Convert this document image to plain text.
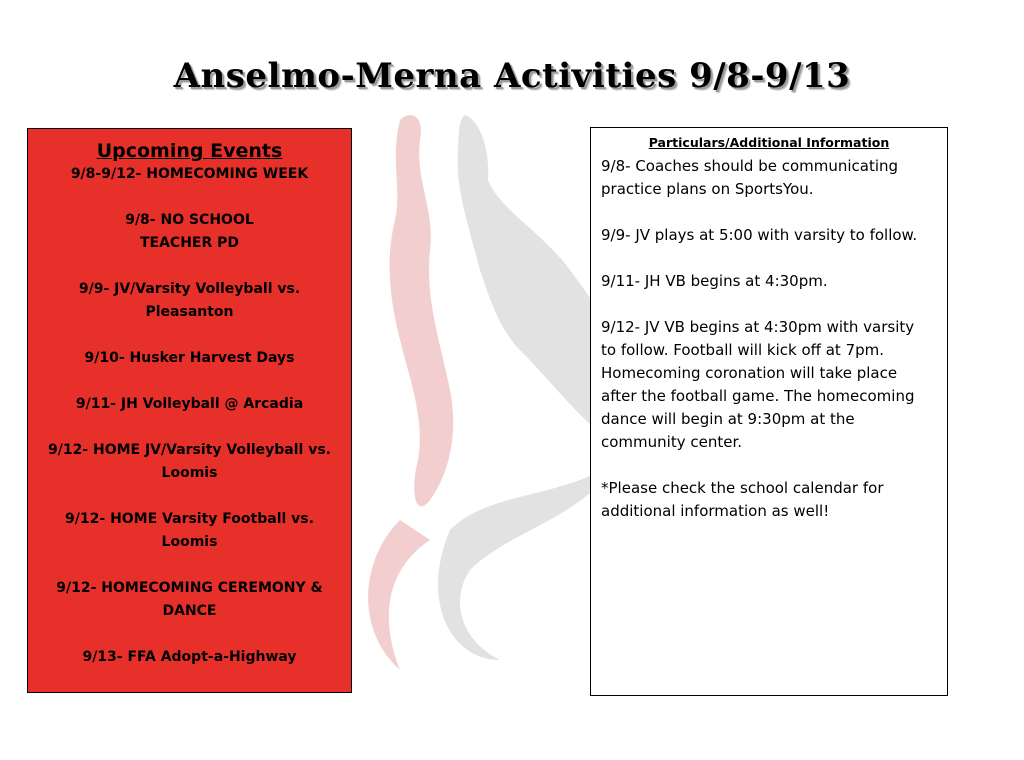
Anselmo-Merna Activities 9/8-9/13
Upcoming Events
9/8-9/12- HOMECOMING WEEK
9/8- NO SCHOOL
TEACHER PD
9/9- JV/Varsity Volleyball vs.
Pleasanton
9/10- Husker Harvest Days
9/11- JH Volleyball @ Arcadia
9/12- HOME JV/Varsity Volleyball vs.
Loomis
9/12- HOME Varsity Football vs.
Loomis
9/12- HOMECOMING CEREMONY &
DANCE
9/13- FFA Adopt-a-Highway
Particulars/Additional Information

9/8- Coaches should be communicating
practice plans on SportsYou.

9/9- JV plays at 5:00 with varsity to follow.

9/11- JH VB begins at 4:30pm.

9/12- JV VB begins at 4:30pm with varsity
to follow. Football will kick off at 7pm.
Homecoming coronation will take place
after the football game. The homecoming
dance will begin at 9:30pm at the
community center.

*Please check the school calendar for
additional information as well!
